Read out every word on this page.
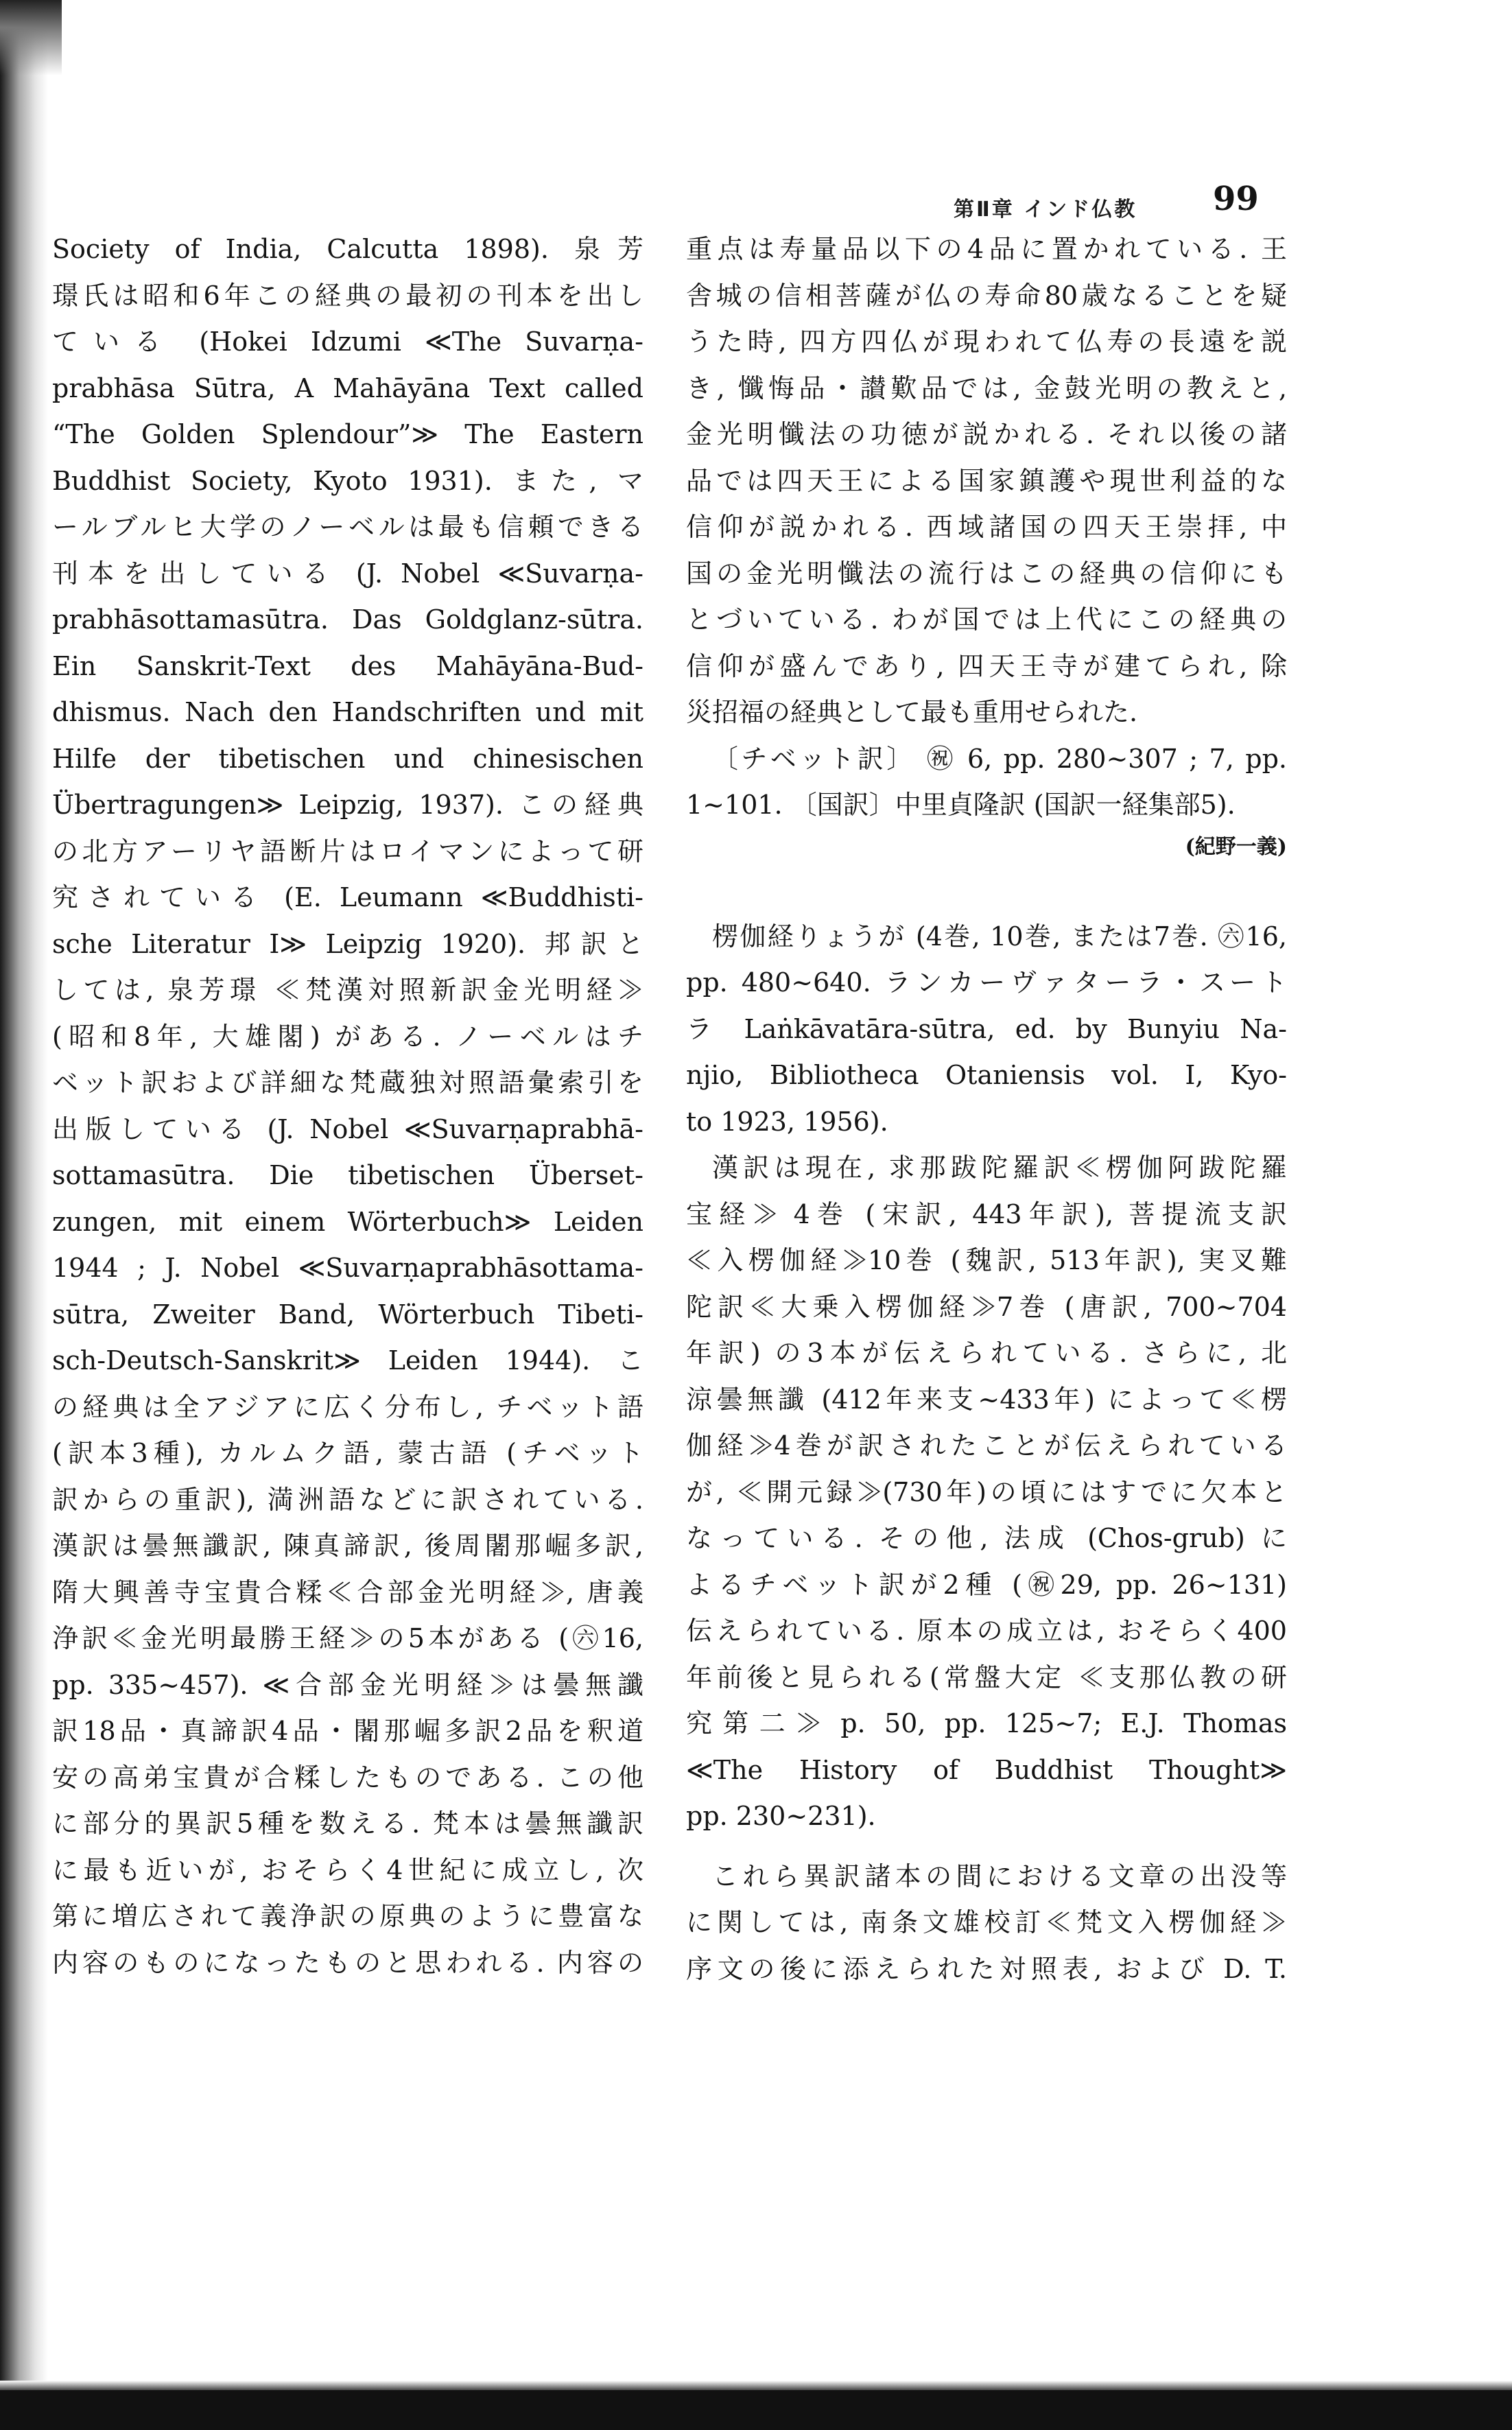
第Ⅱ章 インド仏教 99
Society of India, Calcutta 1898). 泉芳
璟氏は昭和6年この経典の最初の刊本を出し
ている (Hokei Idzumi ≪The Suvarṇa-
prabhāsa Sūtra, A Mahāyāna Text called
“The Golden Splendour”≫ The Eastern
Buddhist Society, Kyoto 1931). また, マ
ールブルヒ大学のノーベルは最も信頼できる
刊本を出している (J. Nobel ≪Suvarṇa-
prabhāsottamasūtra. Das Goldglanz-sūtra.
Ein Sanskrit-Text des Mahāyāna-Bud-
dhismus. Nach den Handschriften und mit
Hilfe der tibetischen und chinesischen
Übertragungen≫ Leipzig, 1937). この経典
の北方アーリヤ語断片はロイマンによって研
究されている (E. Leumann ≪Buddhisti-
sche Literatur I≫ Leipzig 1920). 邦訳と
しては, 泉芳璟 ≪梵漢対照新訳金光明経≫
(昭和8年, 大雄閣) がある. ノーベルはチ
ベット訳および詳細な梵蔵独対照語彙索引を
出版している (J. Nobel ≪Suvarṇaprabhā-
sottamasūtra. Die tibetischen Überset-
zungen, mit einem Wörterbuch≫ Leiden
1944 ; J. Nobel ≪Suvarṇaprabhāsottama-
sūtra, Zweiter Band, Wörterbuch Tibeti-
sch-Deutsch-Sanskrit≫ Leiden 1944). こ
の経典は全アジアに広く分布し, チベット語
(訳本3種), カルムク語, 蒙古語 (チベット
訳からの重訳), 満洲語などに訳されている.
漢訳は曇無讖訳, 陳真諦訳, 後周闍那崛多訳,
隋大興善寺宝貴合糅≪合部金光明経≫, 唐義
浄訳≪金光明最勝王経≫の5本がある (㊅16,
pp. 335~457). ≪合部金光明経≫は曇無讖
訳18品・真諦訳4品・闍那崛多訳2品を釈道
安の高弟宝貴が合糅したものである. この他
に部分的異訳5種を数える. 梵本は曇無讖訳
に最も近いが, おそらく4世紀に成立し, 次
第に増広されて義浄訳の原典のように豊富な
内容のものになったものと思われる. 内容の
重点は寿量品以下の4品に置かれている. 王
舎城の信相菩薩が仏の寿命80歳なることを疑
うた時, 四方四仏が現われて仏寿の長遠を説
き, 懺悔品・讃歎品では, 金鼓光明の教えと,
金光明懺法の功徳が説かれる. それ以後の諸
品では四天王による国家鎮護や現世利益的な
信仰が説かれる. 西域諸国の四天王崇拝, 中
国の金光明懺法の流行はこの経典の信仰にも
とづいている. わが国では上代にこの経典の
信仰が盛んであり, 四天王寺が建てられ, 除
災招福の経典として最も重用せられた.
〔チベット訳〕 ㊗ 6, pp. 280~307 ; 7, pp.
1~101. 〔国訳〕中里貞隆訳 (国訳一経集部5).
(紀野一義)
楞伽経りょうが (4巻, 10巻, または7巻. ㊅16,
pp. 480~640. ランカーヴァターラ・スート
ラ Laṅkāvatāra-sūtra, ed. by Bunyiu Na-
njio, Bibliotheca Otaniensis vol. I, Kyo-
to 1923, 1956).
漢訳は現在, 求那跋陀羅訳≪楞伽阿跋陀羅
宝経≫ 4巻 (宋訳, 443年訳), 菩提流支訳
≪入楞伽経≫10巻 (魏訳, 513年訳), 実叉難
陀訳≪大乗入楞伽経≫7巻 (唐訳, 700~704
年訳) の3本が伝えられている. さらに, 北
涼曇無讖 (412年来支~433年) によって≪楞
伽経≫4巻が訳されたことが伝えられている
が, ≪開元録≫(730年)の頃にはすでに欠本と
なっている. その他, 法成 (Chos-grub) に
よるチベット訳が2種 (㊗29, pp. 26~131)
伝えられている. 原本の成立は, おそらく400
年前後と見られる(常盤大定 ≪支那仏教の研
究第二≫ p. 50, pp. 125~7; E.J. Thomas
≪The History of Buddhist Thought≫
pp. 230~231).
これら異訳諸本の間における文章の出没等
に関しては, 南条文雄校訂≪梵文入楞伽経≫
序文の後に添えられた対照表, および D. T.
